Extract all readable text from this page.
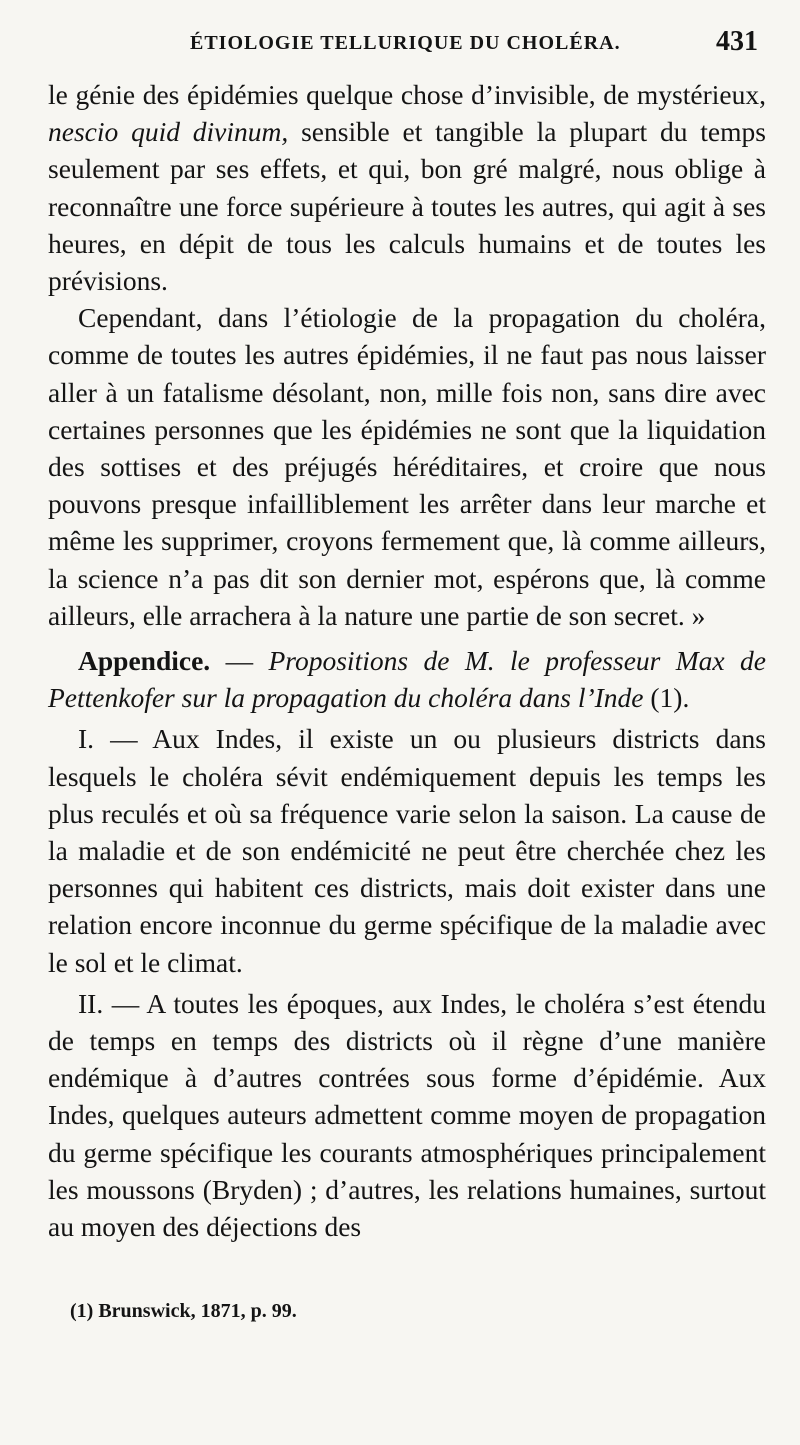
ÉTIOLOGIE TELLURIQUE DU CHOLÉRA.	431

le génie des épidémies quelque chose d’invisible, de mystérieux, nescio quid divinum, sensible et tangible la plupart du temps seulement par ses effets, et qui, bon gré malgré, nous oblige à reconnaître une force supérieure à toutes les autres, qui agit à ses heures, en dépit de tous les calculs humains et de toutes les prévisions.

Cependant, dans l’étiologie de la propagation du choléra, comme de toutes les autres épidémies, il ne faut pas nous laisser aller à un fatalisme désolant, non, mille fois non, sans dire avec certaines personnes que les épidémies ne sont que la liquidation des sottises et des préjugés héréditaires, et croire que nous pouvons presque infailliblement les arrêter dans leur marche et même les supprimer, croyons fermement que, là comme ailleurs, la science n’a pas dit son dernier mot, espérons que, là comme ailleurs, elle arrachera à la nature une partie de son secret. »

Appendice. — Propositions de M. le professeur Max de Pettenkofer sur la propagation du choléra dans l’Inde (1).

I. — Aux Indes, il existe un ou plusieurs districts dans lesquels le choléra sévit endémiquement depuis les temps les plus reculés et où sa fréquence varie selon la saison. La cause de la maladie et de son endémicité ne peut être cherchée chez les personnes qui habitent ces districts, mais doit exister dans une relation encore inconnue du germe spécifique de la maladie avec le sol et le climat.

II. — A toutes les époques, aux Indes, le choléra s’est étendu de temps en temps des districts où il règne d’une manière endémique à d’autres contrées sous forme d’épidémie. Aux Indes, quelques auteurs admettent comme moyen de propagation du germe spécifique les courants atmosphériques principalement les moussons (Bryden) ; d’autres, les relations humaines, surtout au moyen des déjections des

(1) Brunswick, 1871, p. 99.
